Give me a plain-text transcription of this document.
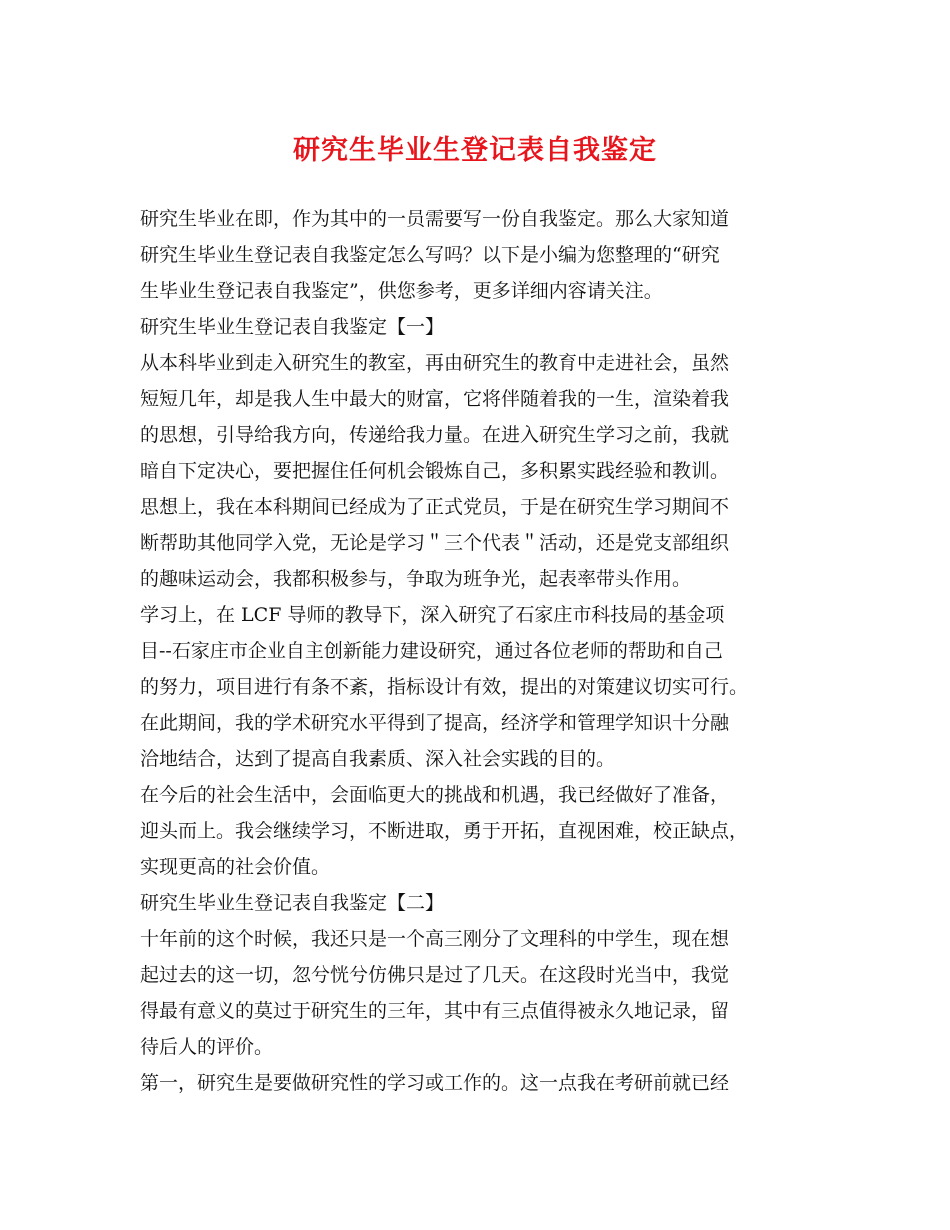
研究生毕业生登记表自我鉴定
研究生毕业在即，作为其中的一员需要写一份自我鉴定。那么大家知道
研究生毕业生登记表自我鉴定怎么写吗？以下是小编为您整理的“研究
生毕业生登记表自我鉴定”，供您参考，更多详细内容请关注。
研究生毕业生登记表自我鉴定【一】
从本科毕业到走入研究生的教室，再由研究生的教育中走进社会，虽然
短短几年，却是我人生中最大的财富，它将伴随着我的一生，渲染着我
的思想，引导给我方向，传递给我力量。在进入研究生学习之前，我就
暗自下定决心，要把握住任何机会锻炼自己，多积累实践经验和教训。
思想上，我在本科期间已经成为了正式党员，于是在研究生学习期间不
断帮助其他同学入党，无论是学习＂三个代表＂活动，还是党支部组织
的趣味运动会，我都积极参与，争取为班争光，起表率带头作用。
学习上，在 LCF 导师的教导下，深入研究了石家庄市科技局的基金项
目--石家庄市企业自主创新能力建设研究，通过各位老师的帮助和自己
的努力，项目进行有条不紊，指标设计有效，提出的对策建议切实可行。
在此期间，我的学术研究水平得到了提高，经济学和管理学知识十分融
洽地结合，达到了提高自我素质、深入社会实践的目的。
在今后的社会生活中，会面临更大的挑战和机遇，我已经做好了准备，
迎头而上。我会继续学习，不断进取，勇于开拓，直视困难，校正缺点，
实现更高的社会价值。
研究生毕业生登记表自我鉴定【二】
十年前的这个时候，我还只是一个高三刚分了文理科的中学生，现在想
起过去的这一切，忽兮恍兮仿佛只是过了几天。在这段时光当中，我觉
得最有意义的莫过于研究生的三年，其中有三点值得被永久地记录，留
待后人的评价。
第一，研究生是要做研究性的学习或工作的。这一点我在考研前就已经
